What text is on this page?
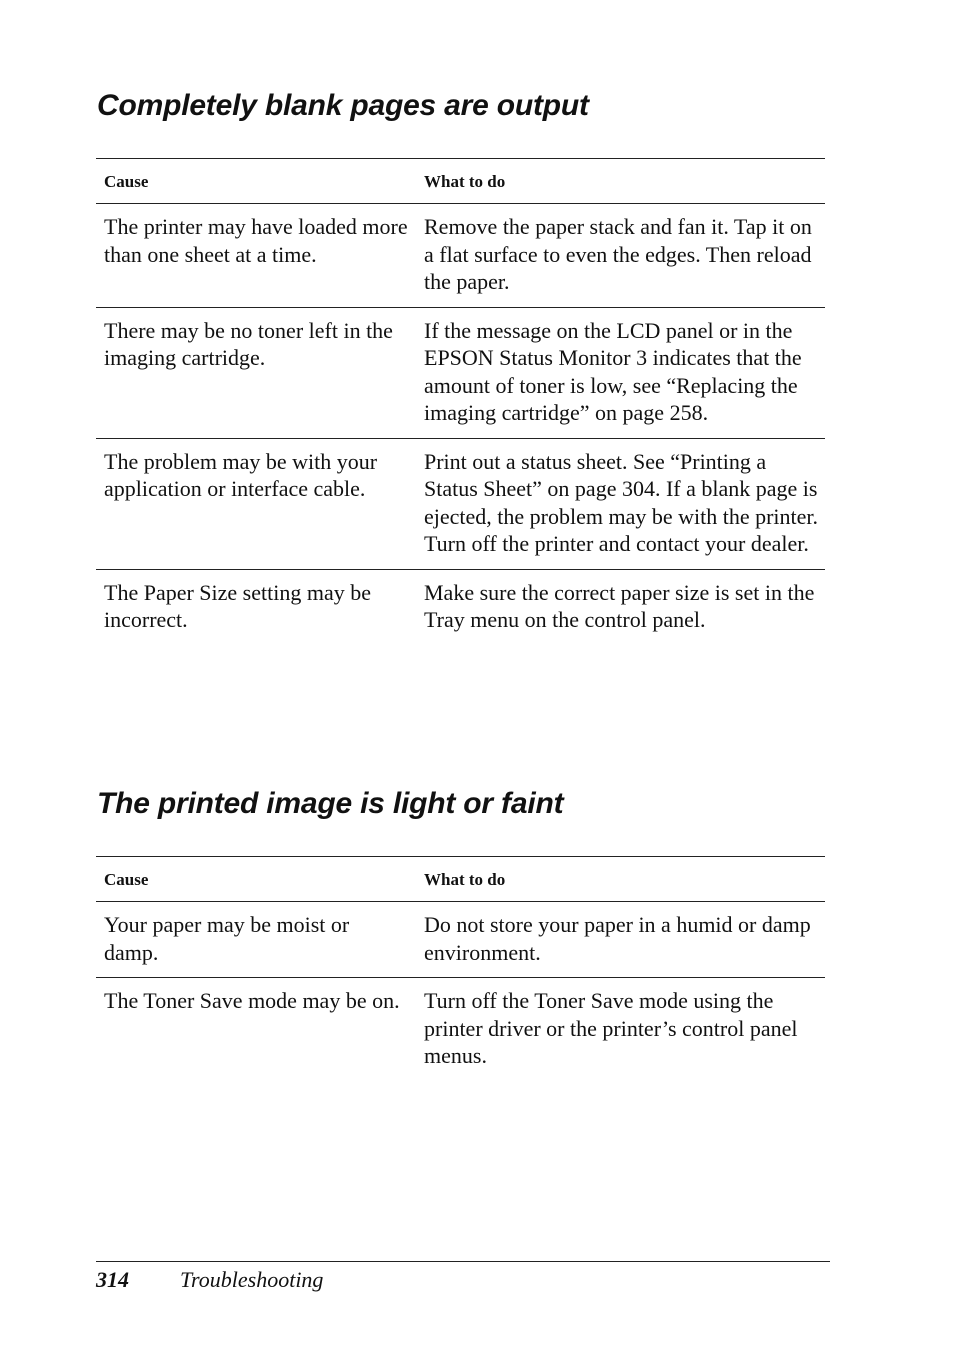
Completely blank pages are output
Cause	What to do
The printer may have loaded more than one sheet at a time.	Remove the paper stack and fan it. Tap it on a flat surface to even the edges. Then reload the paper.
There may be no toner left in the imaging cartridge.	If the message on the LCD panel or in the EPSON Status Monitor 3 indicates that the amount of toner is low, see “Replacing the imaging cartridge” on page 258.
The problem may be with your application or interface cable.	Print out a status sheet. See “Printing a Status Sheet” on page 304. If a blank page is ejected, the problem may be with the printer. Turn off the printer and contact your dealer.
The Paper Size setting may be incorrect.	Make sure the correct paper size is set in the Tray menu on the control panel.
The printed image is light or faint
Cause	What to do
Your paper may be moist or damp.	Do not store your paper in a humid or damp environment.
The Toner Save mode may be on.	Turn off the Toner Save mode using the printer driver or the printer’s control panel menus.
314 Troubleshooting
